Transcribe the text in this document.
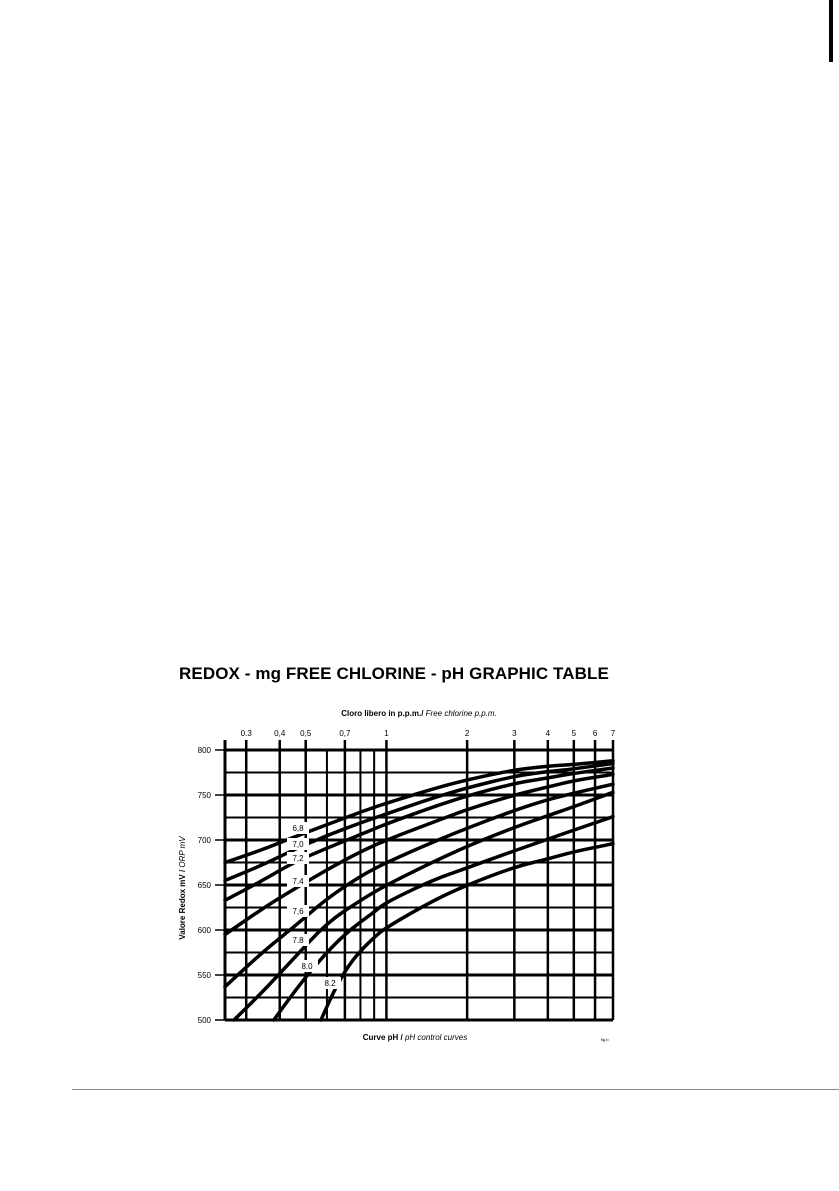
REDOX - mg FREE CHLORINE - pH GRAPHIC TABLE
6,8
7,0
7,2
7.4
7,6
7.8
8.0
8.2
500
550
600
650
700
750
800
0.3	0,4 0,5	0,7	1	2	3	4	5 6 7
Cloro libero in p.p.m./ Free chlorine p.p.m.
Valore Redox mV / ORP mV
Curve pH / pH control curves	fig.b
